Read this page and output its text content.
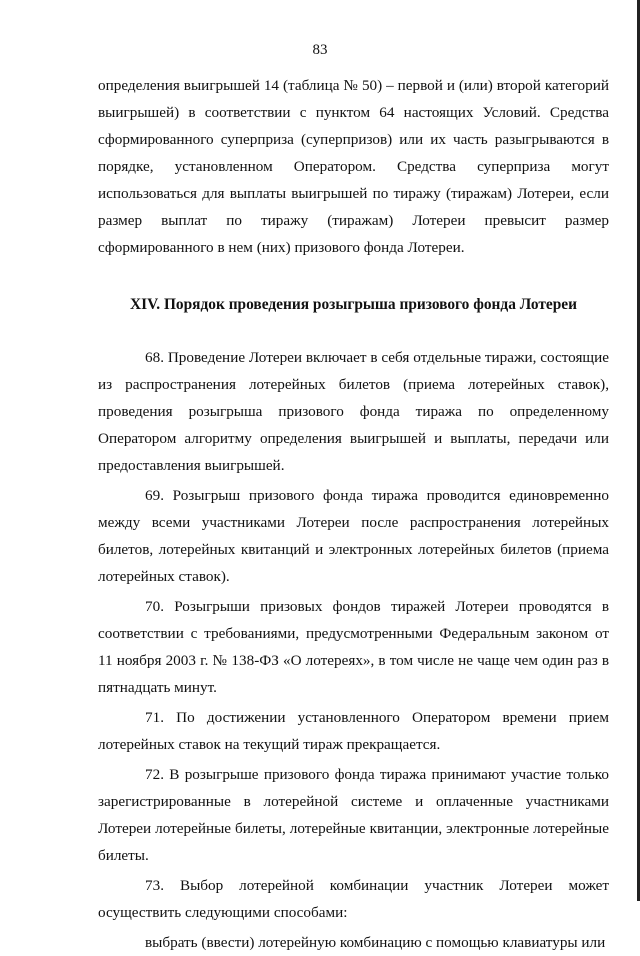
83

определения выигрышей 14 (таблица № 50) – первой и (или) второй категорий выигрышей) в соответствии с пунктом 64 настоящих Условий. Средства сформированного суперприза (суперпризов) или их часть разыгрываются в порядке, установленном Оператором. Средства суперприза могут использоваться для выплаты выигрышей по тиражу (тиражам) Лотереи, если размер выплат по тиражу (тиражам) Лотереи превысит размер сформированного в нем (них) призового фонда Лотереи.

XIV. Порядок проведения розыгрыша призового фонда Лотереи

68. Проведение Лотереи включает в себя отдельные тиражи, состоящие из распространения лотерейных билетов (приема лотерейных ставок), проведения розыгрыша призового фонда тиража по определенному Оператором алгоритму определения выигрышей и выплаты, передачи или предоставления выигрышей.

69. Розыгрыш призового фонда тиража проводится единовременно между всеми участниками Лотереи после распространения лотерейных билетов, лотерейных квитанций и электронных лотерейных билетов (приема лотерейных ставок).

70. Розыгрыши призовых фондов тиражей Лотереи проводятся в соответствии с требованиями, предусмотренными Федеральным законом от 11 ноября 2003 г. № 138-ФЗ «О лотереях», в том числе не чаще чем один раз в пятнадцать минут.

71. По достижении установленного Оператором времени прием лотерейных ставок на текущий тираж прекращается.

72. В розыгрыше призового фонда тиража принимают участие только зарегистрированные в лотерейной системе и оплаченные участниками Лотереи лотерейные билеты, лотерейные квитанции, электронные лотерейные билеты.

73. Выбор лотерейной комбинации участник Лотереи может осуществить следующими способами:

выбрать (ввести) лотерейную комбинацию с помощью клавиатуры или
